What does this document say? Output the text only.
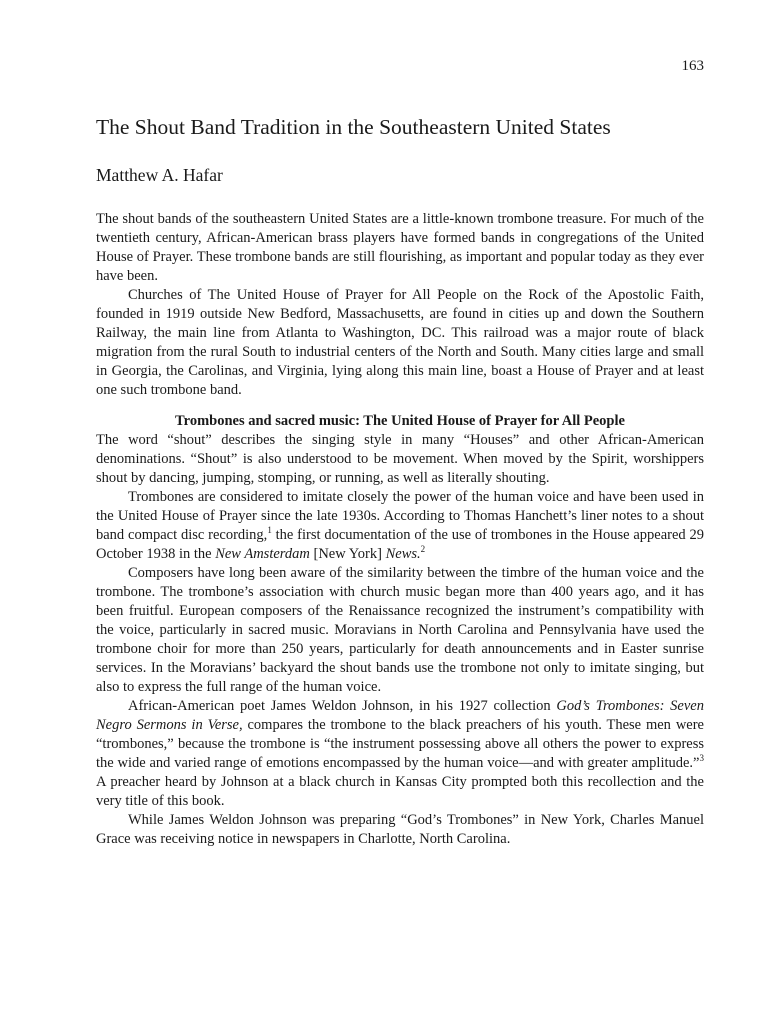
163
The Shout Band Tradition in the Southeastern United States

Matthew A. Hafar

The shout bands of the southeastern United States are a little-known trombone treasure. For much of the twentieth century, African-American brass players have formed bands in congregations of the United House of Prayer. These trombone bands are still flourishing, as important and popular today as they ever have been.

Churches of The United House of Prayer for All People on the Rock of the Apostolic Faith, founded in 1919 outside New Bedford, Massachusetts, are found in cities up and down the Southern Railway, the main line from Atlanta to Washington, DC. This railroad was a major route of black migration from the rural South to industrial centers of the North and South. Many cities large and small in Georgia, the Carolinas, and Virginia, lying along this main line, boast a House of Prayer and at least one such trombone band.

Trombones and sacred music: The United House of Prayer for All People

The word “shout” describes the singing style in many “Houses” and other African-American denominations. “Shout” is also understood to be movement. When moved by the Spirit, worshippers shout by dancing, jumping, stomping, or running, as well as literally shouting.

Trombones are considered to imitate closely the power of the human voice and have been used in the United House of Prayer since the late 1930s. According to Thomas Hanchett’s liner notes to a shout band compact disc recording,$^1$ the first documentation of the use of trombones in the House appeared 29 October 1938 in the New Amsterdam [New York] News.$^2$

Composers have long been aware of the similarity between the timbre of the human voice and the trombone. The trombone’s association with church music began more than 400 years ago, and it has been fruitful. European composers of the Renaissance recognized the instrument’s compatibility with the voice, particularly in sacred music. Moravians in North Carolina and Pennsylvania have used the trombone choir for more than 250 years, particularly for death announcements and in Easter sunrise services. In the Moravians’ backyard the shout bands use the trombone not only to imitate singing, but also to express the full range of the human voice.

African-American poet James Weldon Johnson, in his 1927 collection God’s Trombones: Seven Negro Sermons in Verse, compares the trombone to the black preachers of his youth. These men were “trombones,” because the trombone is “the instrument possessing above all others the power to express the wide and varied range of emotions encompassed by the human voice—and with greater amplitude.”$^3$ A preacher heard by Johnson at a black church in Kansas City prompted both this recollection and the very title of this book.

While James Weldon Johnson was preparing “God’s Trombones” in New York, Charles Manuel Grace was receiving notice in newspapers in Charlotte, North Carolina.
